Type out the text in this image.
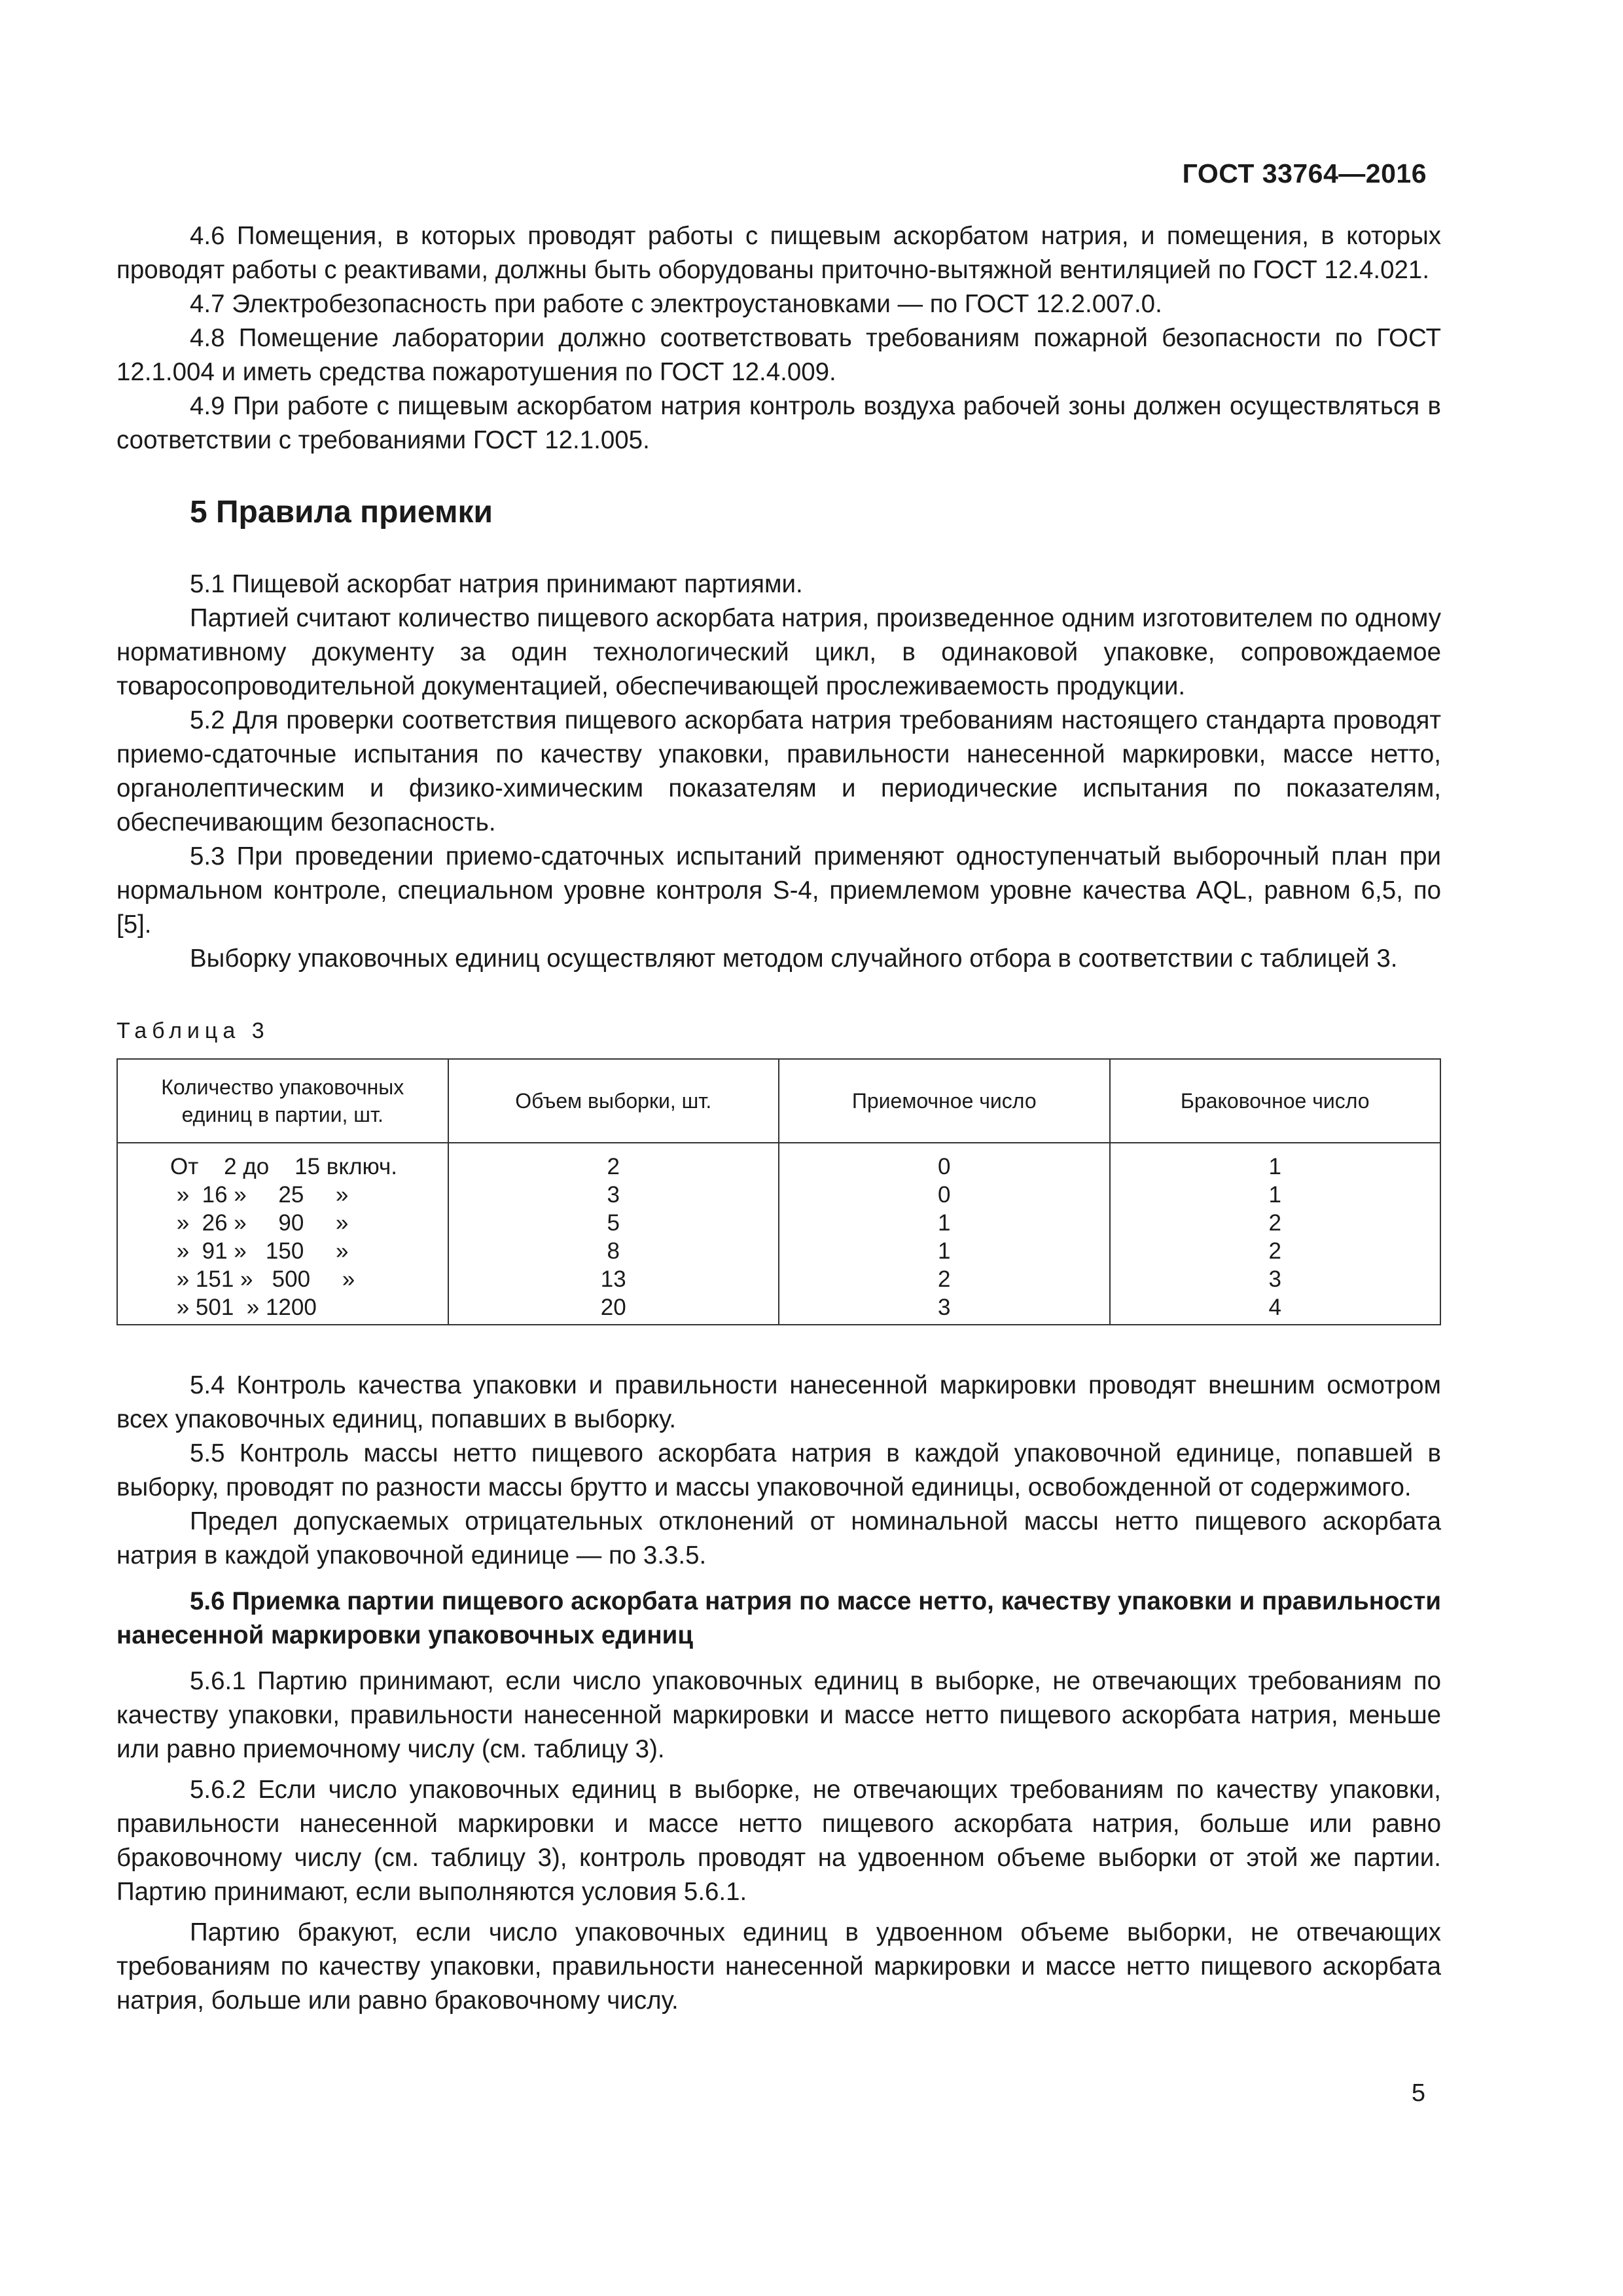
ГОСТ 33764—2016

4.6 Помещения, в которых проводят работы с пищевым аскорбатом натрия, и помещения, в которых проводят работы с реактивами, должны быть оборудованы приточно-вытяжной вентиляцией по ГОСТ 12.4.021.

4.7 Электробезопасность при работе с электроустановками — по ГОСТ 12.2.007.0.

4.8 Помещение лаборатории должно соответствовать требованиям пожарной безопасности по ГОСТ 12.1.004 и иметь средства пожаротушения по ГОСТ 12.4.009.

4.9 При работе с пищевым аскорбатом натрия контроль воздуха рабочей зоны должен осуществляться в соответствии с требованиями ГОСТ 12.1.005.

5 Правила приемки

5.1 Пищевой аскорбат натрия принимают партиями.

Партией считают количество пищевого аскорбата натрия, произведенное одним изготовителем по одному нормативному документу за один технологический цикл, в одинаковой упаковке, сопровождаемое товаросопроводительной документацией, обеспечивающей прослеживаемость продукции.

5.2 Для проверки соответствия пищевого аскорбата натрия требованиям настоящего стандарта проводят приемо-сдаточные испытания по качеству упаковки, правильности нанесенной маркировки, массе нетто, органолептическим и физико-химическим показателям и периодические испытания по показателям, обеспечивающим безопасность.

5.3 При проведении приемо-сдаточных испытаний применяют одноступенчатый выборочный план при нормальном контроле, специальном уровне контроля S-4, приемлемом уровне качества AQL, равном 6,5, по [5].

Выборку упаковочных единиц осуществляют методом случайного отбора в соответствии с таблицей 3.

Таблица 3
Количество упаковочных единиц в партии, шт.	Объем выборки, шт.	Приемочное число	Браковочное число
От    2 до    15 включ.	2	0	1
»  16 »     25     »	3	0	1
»  26 »     90     »	5	1	2
»  91 »   150     »	8	1	2
» 151 »   500     »	13	2	3
» 501  » 1200	20	3	4

5.4 Контроль качества упаковки и правильности нанесенной маркировки проводят внешним осмотром всех упаковочных единиц, попавших в выборку.

5.5 Контроль массы нетто пищевого аскорбата натрия в каждой упаковочной единице, попавшей в выборку, проводят по разности массы брутто и массы упаковочной единицы, освобожденной от содержимого.

Предел допускаемых отрицательных отклонений от номинальной массы нетто пищевого аскорбата натрия в каждой упаковочной единице — по 3.3.5.

5.6 Приемка партии пищевого аскорбата натрия по массе нетто, качеству упаковки и правильности нанесенной маркировки упаковочных единиц

5.6.1 Партию принимают, если число упаковочных единиц в выборке, не отвечающих требованиям по качеству упаковки, правильности нанесенной маркировки и массе нетто пищевого аскорбата натрия, меньше или равно приемочному числу (см. таблицу 3).

5.6.2 Если число упаковочных единиц в выборке, не отвечающих требованиям по качеству упаковки, правильности нанесенной маркировки и массе нетто пищевого аскорбата натрия, больше или равно браковочному числу (см. таблицу 3), контроль проводят на удвоенном объеме выборки от этой же партии. Партию принимают, если выполняются условия 5.6.1.

Партию бракуют, если число упаковочных единиц в удвоенном объеме выборки, не отвечающих требованиям по качеству упаковки, правильности нанесенной маркировки и массе нетто пищевого аскорбата натрия, больше или равно браковочному числу.

5
